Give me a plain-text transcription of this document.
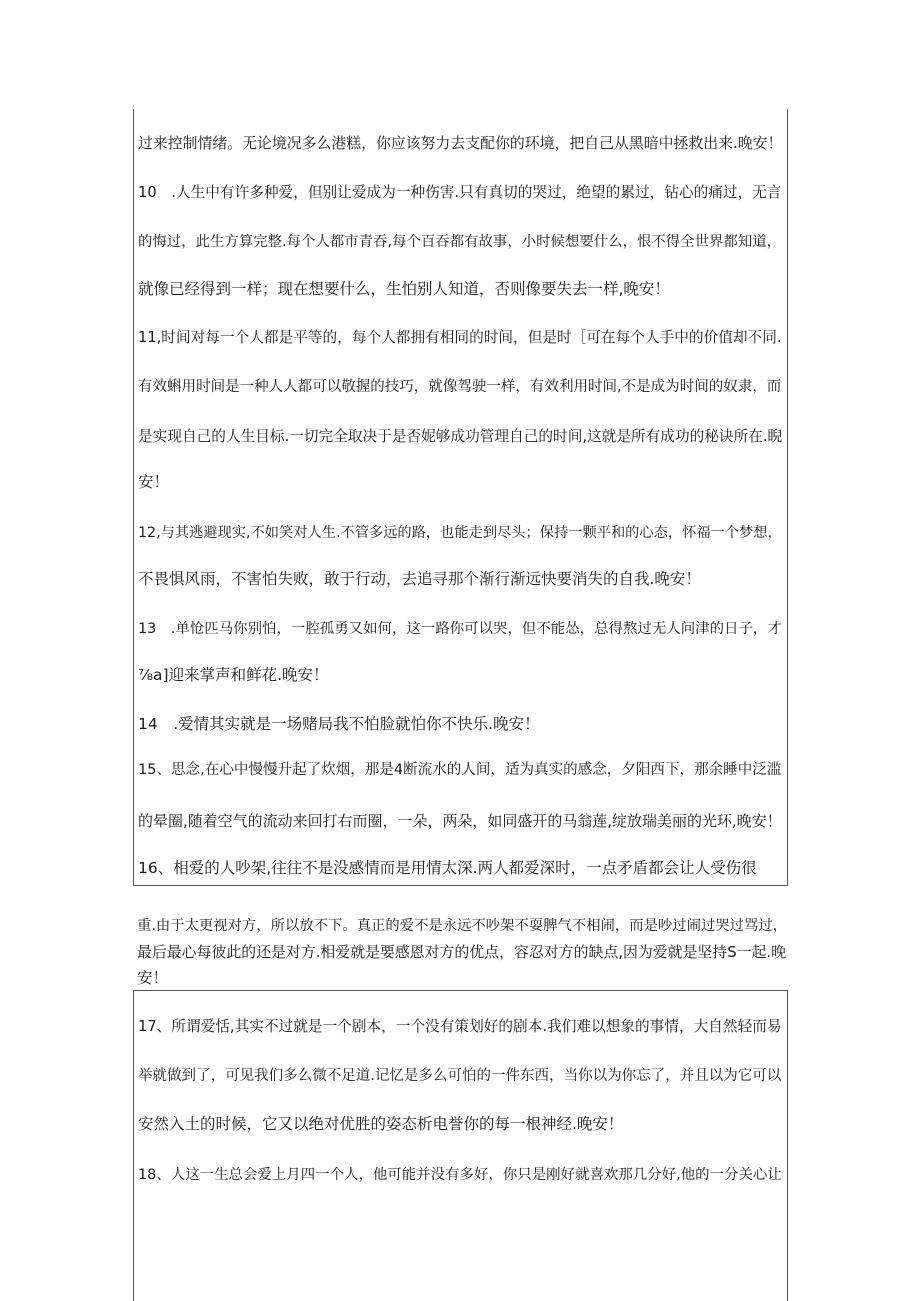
过来控制情绪。无论境况多么港糕，你应该努力去支配你的环境，把自己从黑暗中拯救出来.晚安！
10　.人生中有许多种爱，但别让爱成为一种伤害.只有真切的哭过，绝望的累过，钻心的痛过，无言
的悔过，此生方算完整.每个人都市青吞,每个百吞都有故事，小时候想要什么，恨不得全世界都知道，
就像已经得到一样；现在想要什么，生怕别人知道，否则像要失去一样,晚安！
11,时间对每一个人都是平等的，每个人都拥有相同的时间，但是时［可在每个人手中的价值却不同.
有效蝌用时间是一种人人都可以敬握的技巧，就像驾驶一样，有效利用时间,不是成为时间的奴隶，而
是实现自己的人生目标.一切完全取决于是否妮够成功管理自己的时间,这就是所有成功的秘诀所在.睨
安！
12,与其逃避现实,不如笑对人生.不管多远的路，也能走到尽头；保持一颗平和的心态，怀福一个梦想，
不畏惧风雨，不害怕失败，敢于行动，去追寻那个渐行渐远快要消失的自我.晚安！
13　.单怆匹马你别怕，一腔孤勇又如何，这一路你可以哭，但不能怂，总得熬过无人问津的日子，才
⅞a]迎来掌声和鲜花.晚安！
14　.爱情其实就是一场赌局我不怕脸就怕你不快乐.晚安！
15、思念,在心中慢慢升起了炊烟，那是4断流水的人间，适为真实的感念，夕阳西下，那余睡中泛滥
的晕圈,随着空气的流动来回打右而圈，一朵，两朵，如同盛开的马翁莲,绽放瑞美丽的光环,晚安！
16、相爱的人吵架,往往不是没感情而是用情太深.两人都爱深时，一点矛盾都会让人受伤很
重.由于太更视对方，所以放不下。真正的爱不是永远不吵架不耍脾气不相闹，而是吵过闹过哭过骂过，
最后最心每彼此的还是对方.相爱就是要感恩对方的优点，容忍对方的缺点,因为爱就是坚持S一起.晚
安！
17、所谓爱恬,其实不过就是一个剧本，一个没有策划好的剧本.我们难以想象的事情，大自然轻而易
举就做到了，可见我们多么微不足道.记忆是多么可怕的一件东西，当你以为你忘了，并且以为它可以
安然入土的时候，它又以绝对优胜的姿态析电誉你的每一根神经.晚安！
18、人这一生总会爱上月四一个人，他可能并没有多好，你只是刚好就喜欢那几分好,他的一分关心让
